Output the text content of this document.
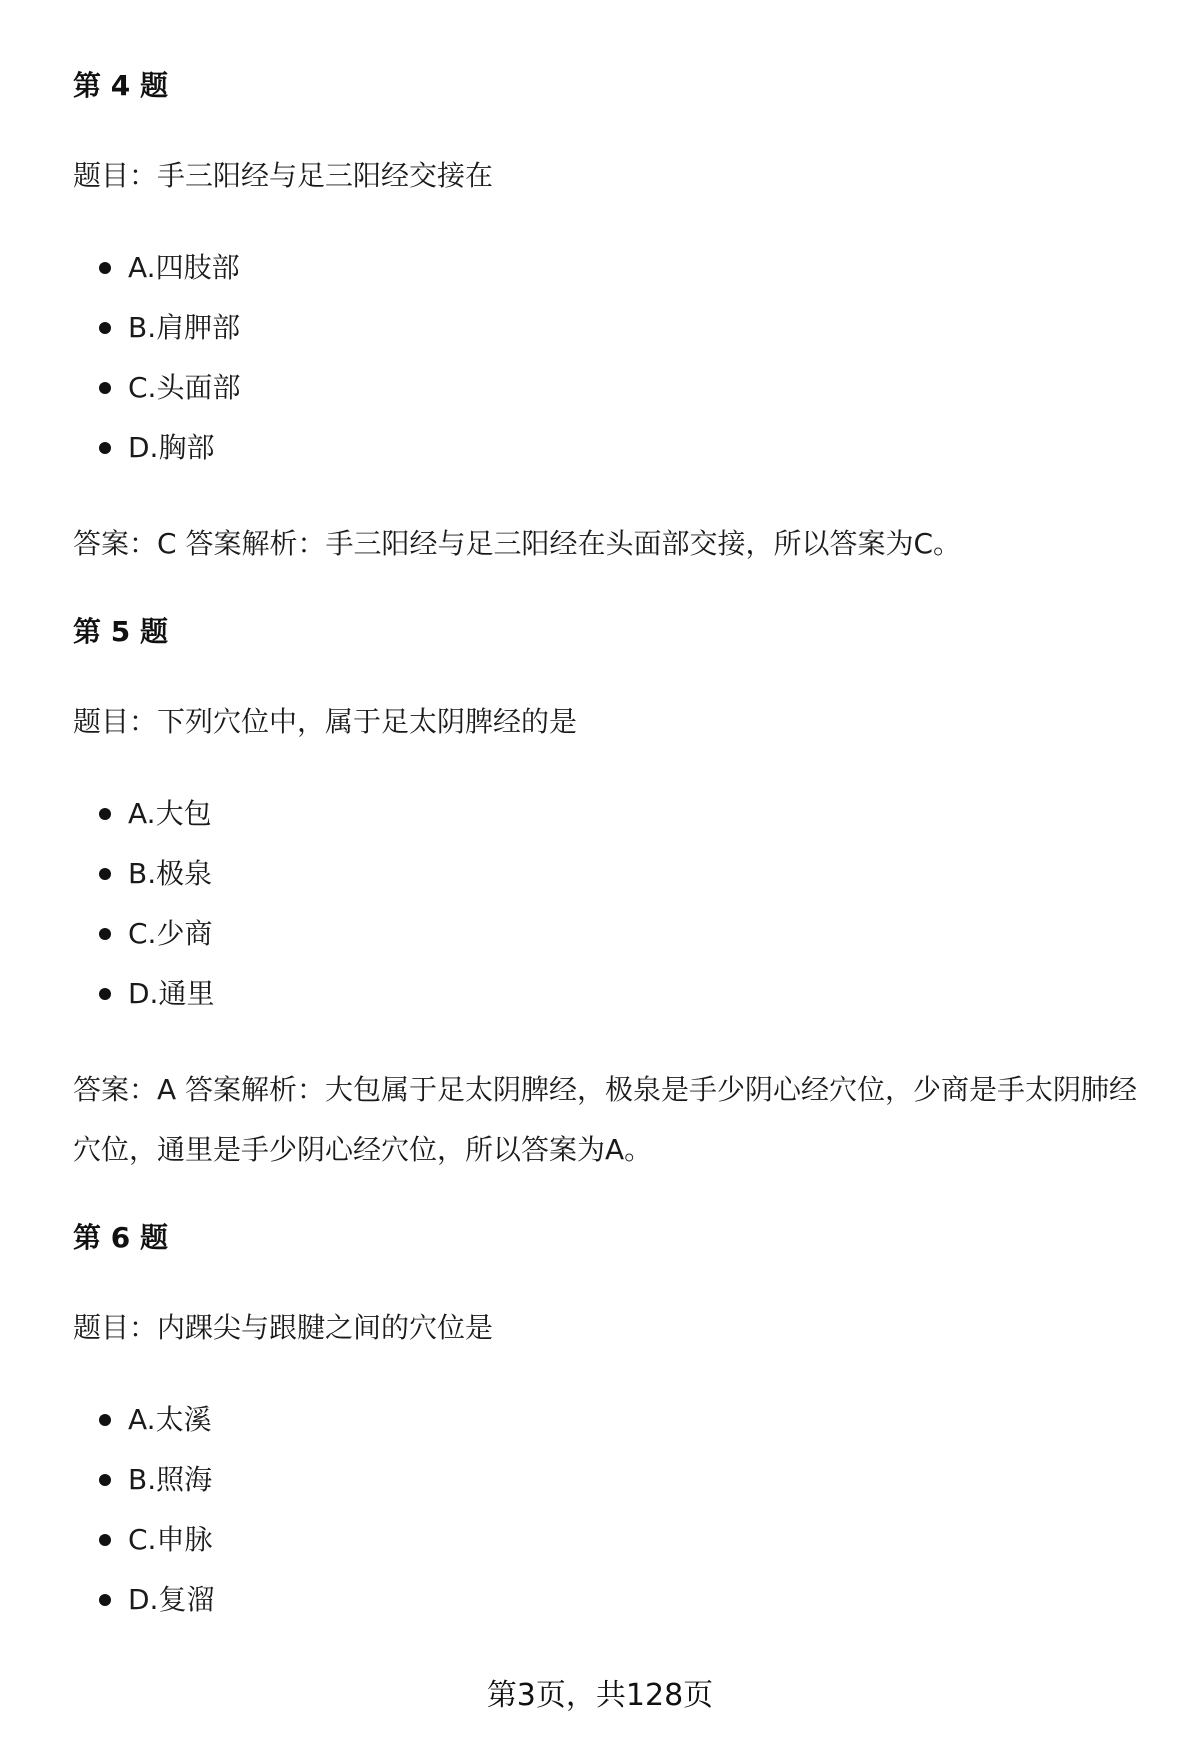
第 4 题
题目：手三阳经与足三阳经交接在
A.四肢部
B.肩胛部
C.头面部
D.胸部
答案：C 答案解析：手三阳经与足三阳经在头面部交接，所以答案为C。
第 5 题
题目：下列穴位中，属于足太阴脾经的是
A.大包
B.极泉
C.少商
D.通里
答案：A 答案解析：大包属于足太阴脾经，极泉是手少阴心经穴位，少商是手太阴肺经穴位，通里是手少阴心经穴位，所以答案为A。
第 6 题
题目：内踝尖与跟腱之间的穴位是
A.太溪
B.照海
C.申脉
D.复溜
第3页，共128页
